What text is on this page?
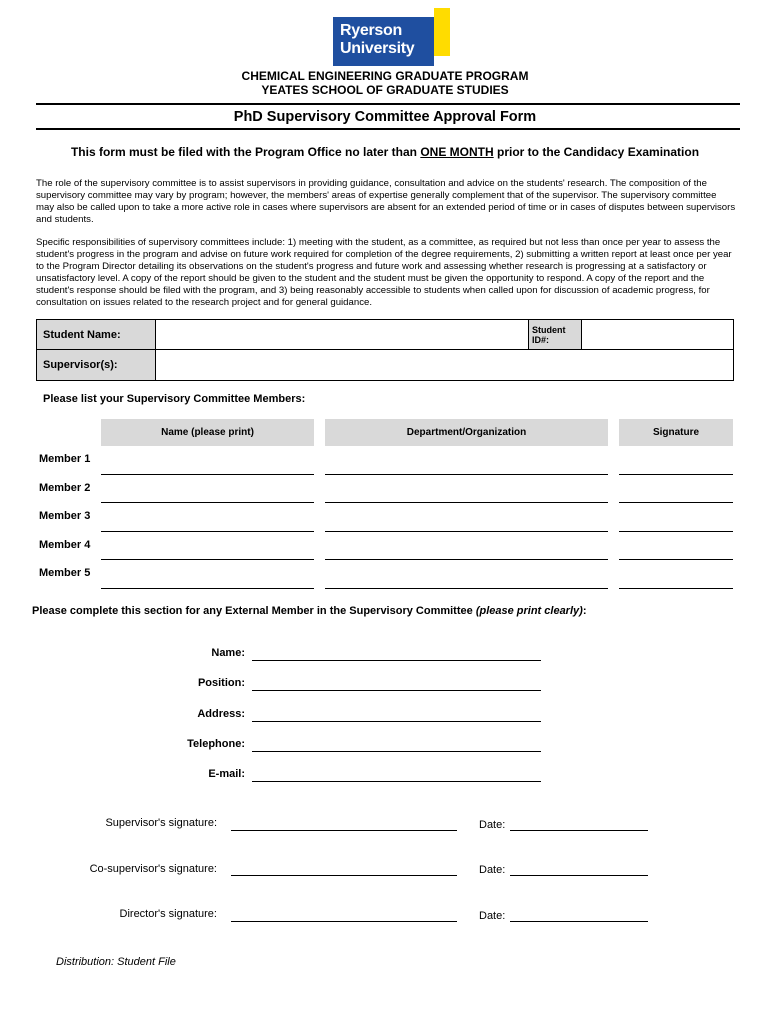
Ryerson
University
CHEMICAL ENGINEERING GRADUATE PROGRAM
YEATES SCHOOL OF GRADUATE STUDIES
PhD Supervisory Committee Approval Form
This form must be filed with the Program Office no later than ONE MONTH prior to the Candidacy Examination
The role of the supervisory committee is to assist supervisors in providing guidance, consultation and advice on the students' research. The composition of the supervisory committee may vary by program; however, the members' areas of expertise generally complement that of the supervisor. The supervisory committee may also be called upon to take a more active role in cases where supervisors are absent for an extended period of time or in cases of disputes between supervisors and students.
Specific responsibilities of supervisory committees include: 1) meeting with the student, as a committee, as required but not less than once per year to assess the student's progress in the program and advise on future work required for completion of the degree requirements, 2) submitting a written report at least once per year to the Program Director detailing its observations on the student's progress and future work and assessing whether research is progressing at a satisfactory or unsatisfactory level. A copy of the report should be given to the student and the student must be given the opportunity to respond. A copy of the report and the student's response should be filed with the program, and 3) being reasonably accessible to students when called upon for discussion of academic progress, for consultation on issues related to the research project and for general guidance.
Student Name:	Student ID#:
Supervisor(s):
Please list your Supervisory Committee Members:
Name (please print)	Department/Organization	Signature
Member 1
Member 2
Member 3
Member 4
Member 5
Please complete this section for any External Member in the Supervisory Committee (please print clearly):
Name:
Position:
Address:
Telephone:
E-mail:
Supervisor's signature:	Date:
Co-supervisor's signature:	Date:
Director's signature:	Date:
Distribution: Student File
